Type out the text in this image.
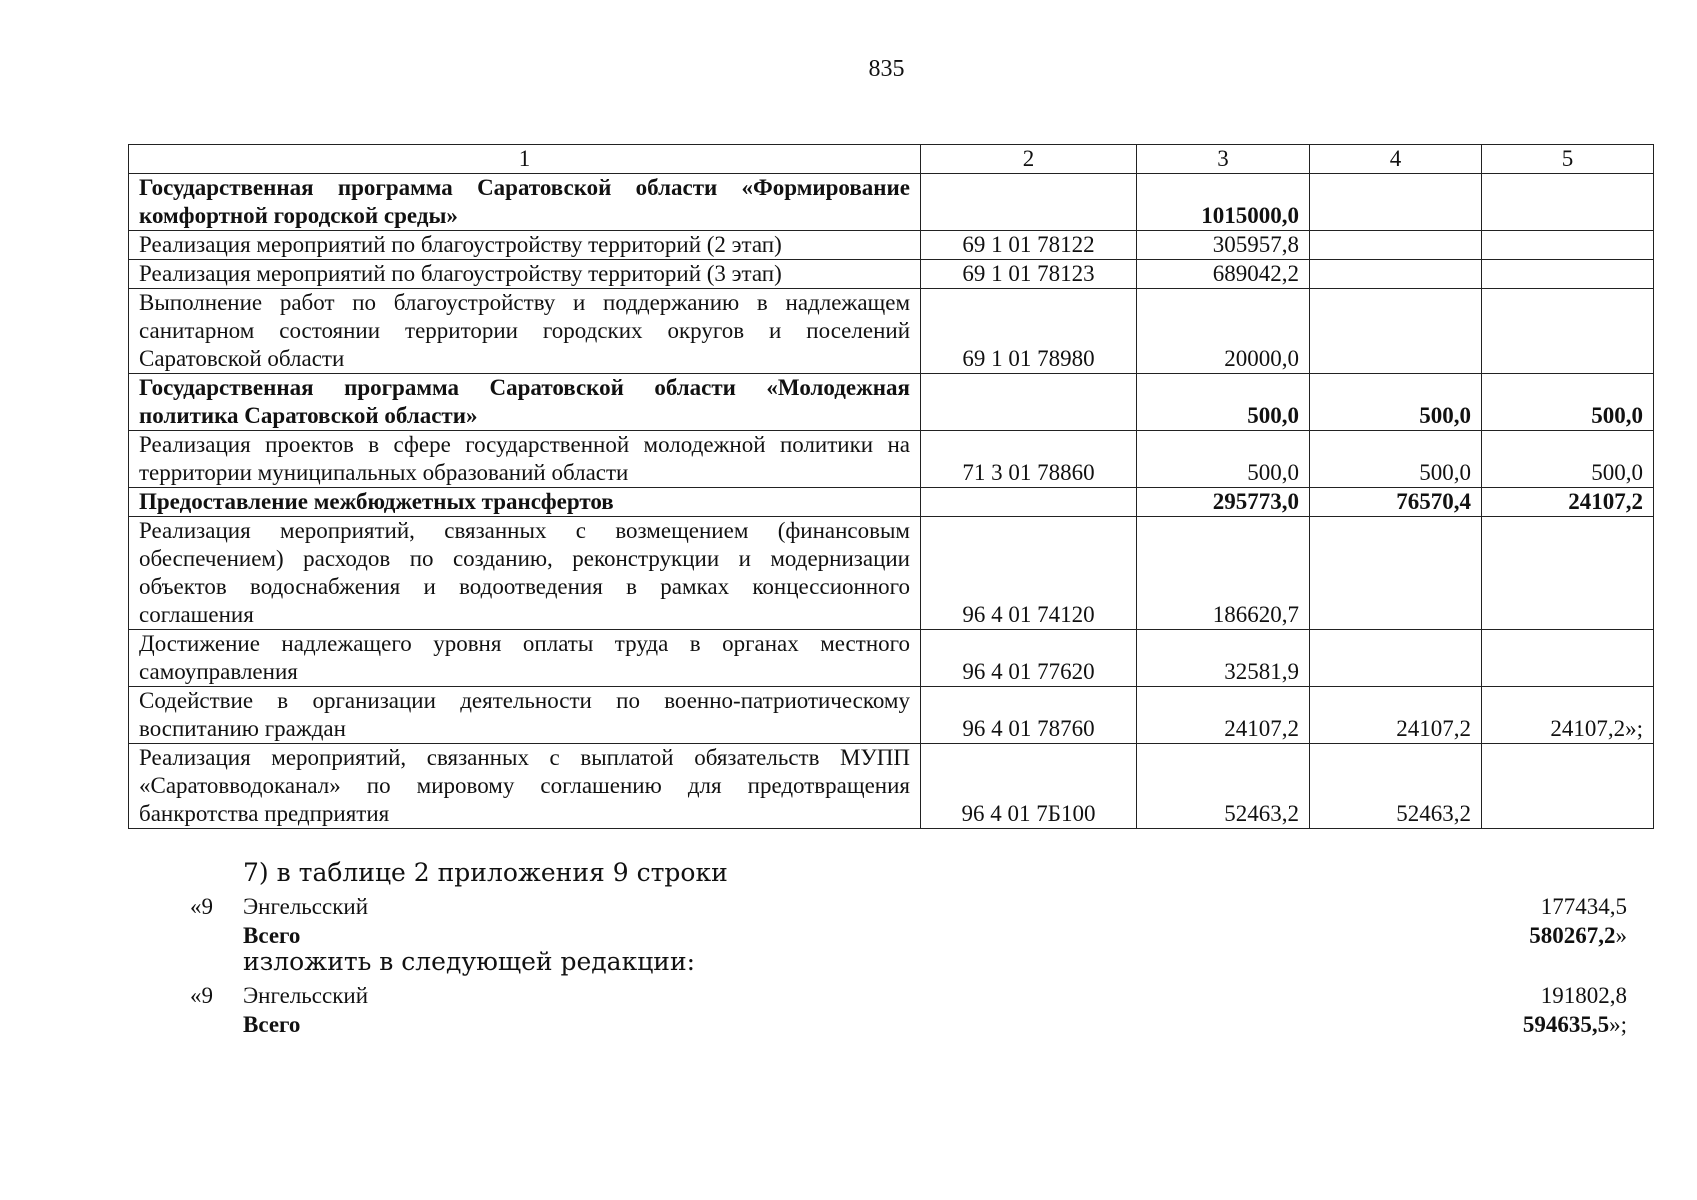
835
1	2	3	4	5
Государственная программа Саратовской области «Формирование комфортной городской среды»		1015000,0		
Реализация мероприятий по благоустройству территорий (2 этап)	69 1 01 78122	305957,8		
Реализация мероприятий по благоустройству территорий (3 этап)	69 1 01 78123	689042,2		
Выполнение работ по благоустройству и поддержанию в надлежащем санитарном состоянии территории городских округов и поселений Саратовской области	69 1 01 78980	20000,0		
Государственная программа Саратовской области «Молодежная политика Саратовской области»		500,0	500,0	500,0
Реализация проектов в сфере государственной молодежной политики на территории муниципальных образований области	71 3 01 78860	500,0	500,0	500,0
Предоставление межбюджетных трансфертов		295773,0	76570,4	24107,2
Реализация мероприятий, связанных с возмещением (финансовым обеспечением) расходов по созданию, реконструкции и модернизации объектов водоснабжения и водоотведения в рамках концессионного соглашения	96 4 01 74120	186620,7		
Достижение надлежащего уровня оплаты труда в органах местного самоуправления	96 4 01 77620	32581,9		
Содействие в организации деятельности по военно-патриотическому воспитанию граждан	96 4 01 78760	24107,2	24107,2	24107,2»;
Реализация мероприятий, связанных с выплатой обязательств МУПП «Саратовводоканал» по мировому соглашению для предотвращения банкротства предприятия	96 4 01 7Б100	52463,2	52463,2	
7) в таблице 2 приложения 9 строки
«9 Энгельсский	177434,5
Всего	580267,2»
изложить в следующей редакции:
«9 Энгельсский	191802,8
Всего	594635,5»;
